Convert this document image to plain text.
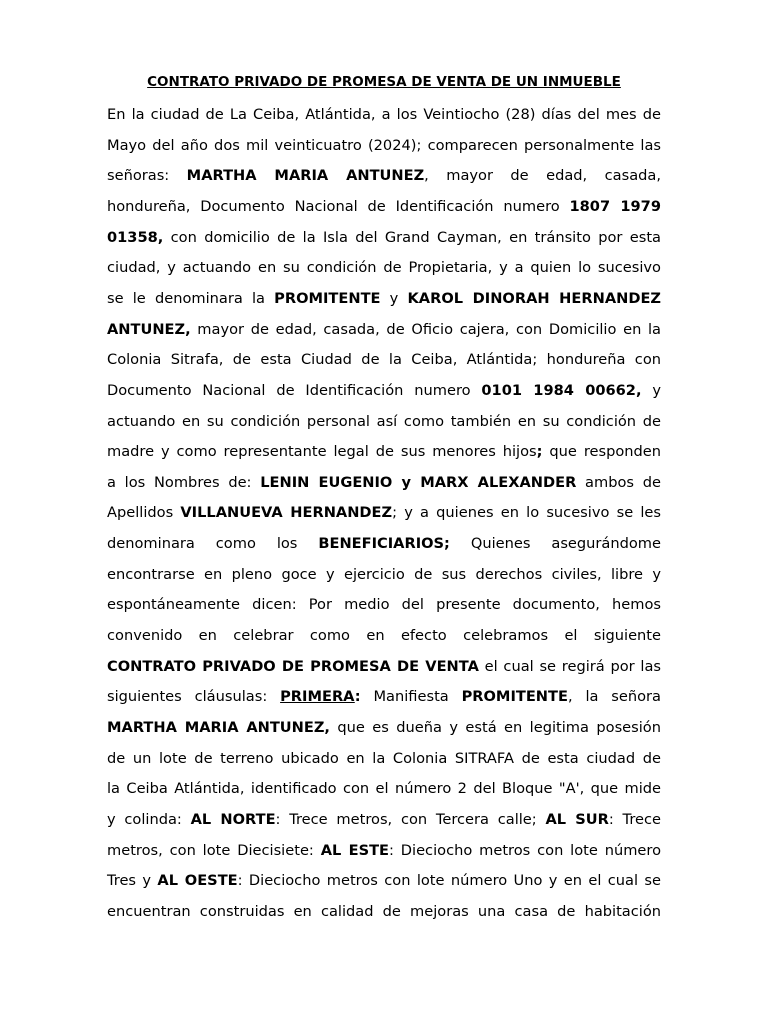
CONTRATO PRIVADO DE PROMESA DE VENTA DE UN INMUEBLE
En la ciudad de La Ceiba, Atlántida, a los Veintiocho (28) días del mes de
Mayo del año dos mil veinticuatro (2024); comparecen personalmente las
señoras: MARTHA MARIA ANTUNEZ, mayor de edad, casada,
hondureña, Documento Nacional de Identificación numero 1807 1979
01358, con domicilio de la Isla del Grand Cayman, en tránsito por esta
ciudad, y actuando en su condición de Propietaria, y a quien lo sucesivo
se le denominara la PROMITENTE y KAROL DINORAH HERNANDEZ
ANTUNEZ, mayor de edad, casada, de Oficio cajera, con Domicilio en la
Colonia Sitrafa, de esta Ciudad de la Ceiba, Atlántida; hondureña con
Documento Nacional de Identificación numero 0101 1984 00662, y
actuando en su condición personal así como también en su condición de
madre y como representante legal de sus menores hijos; que responden
a los Nombres de: LENIN EUGENIO y MARX ALEXANDER ambos de
Apellidos VILLANUEVA HERNANDEZ; y a quienes en lo sucesivo se les
denominara como los BENEFICIARIOS; Quienes asegurándome
encontrarse en pleno goce y ejercicio de sus derechos civiles, libre y
espontáneamente dicen: Por medio del presente documento, hemos
convenido en celebrar como en efecto celebramos el siguiente
CONTRATO PRIVADO DE PROMESA DE VENTA el cual se regirá por las
siguientes cláusulas: PRIMERA: Manifiesta PROMITENTE, la señora
MARTHA MARIA ANTUNEZ, que es dueña y está en legitima posesión
de un lote de terreno ubicado en la Colonia SITRAFA de esta ciudad de
la Ceiba Atlántida, identificado con el número 2 del Bloque "A', que mide
y colinda: AL NORTE: Trece metros, con Tercera calle; AL SUR: Trece
metros, con lote Diecisiete: AL ESTE: Dieciocho metros con lote número
Tres y AL OESTE: Dieciocho metros con lote número Uno y en el cual se
encuentran construidas en calidad de mejoras una casa de habitación
